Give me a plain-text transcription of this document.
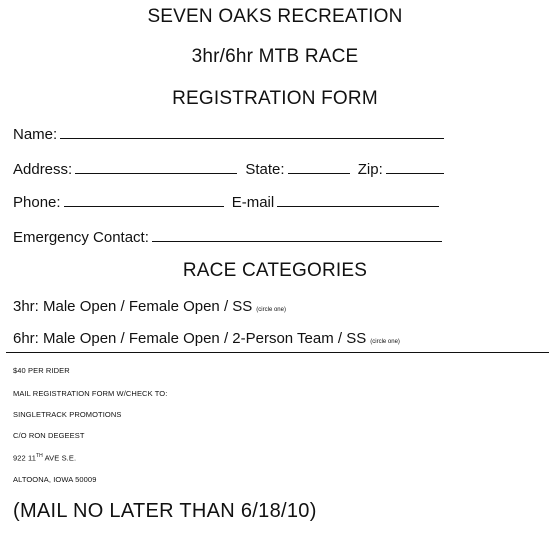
SEVEN OAKS RECREATION
3hr/6hr MTB RACE
REGISTRATION FORM
Name:
Address:	State:	Zip:
Phone:	E-mail
Emergency Contact:
RACE CATEGORIES
3hr: Male Open / Female Open / SS (circle one)
6hr: Male Open / Female Open / 2-Person Team / SS (circle one)
$40 PER RIDER
MAIL REGISTRATION FORM W/CHECK TO:
SINGLETRACK PROMOTIONS
C/O RON DEGEEST
922 11TH AVE S.E.
ALTOONA, IOWA 50009
(MAIL NO LATER THAN 6/18/10)
